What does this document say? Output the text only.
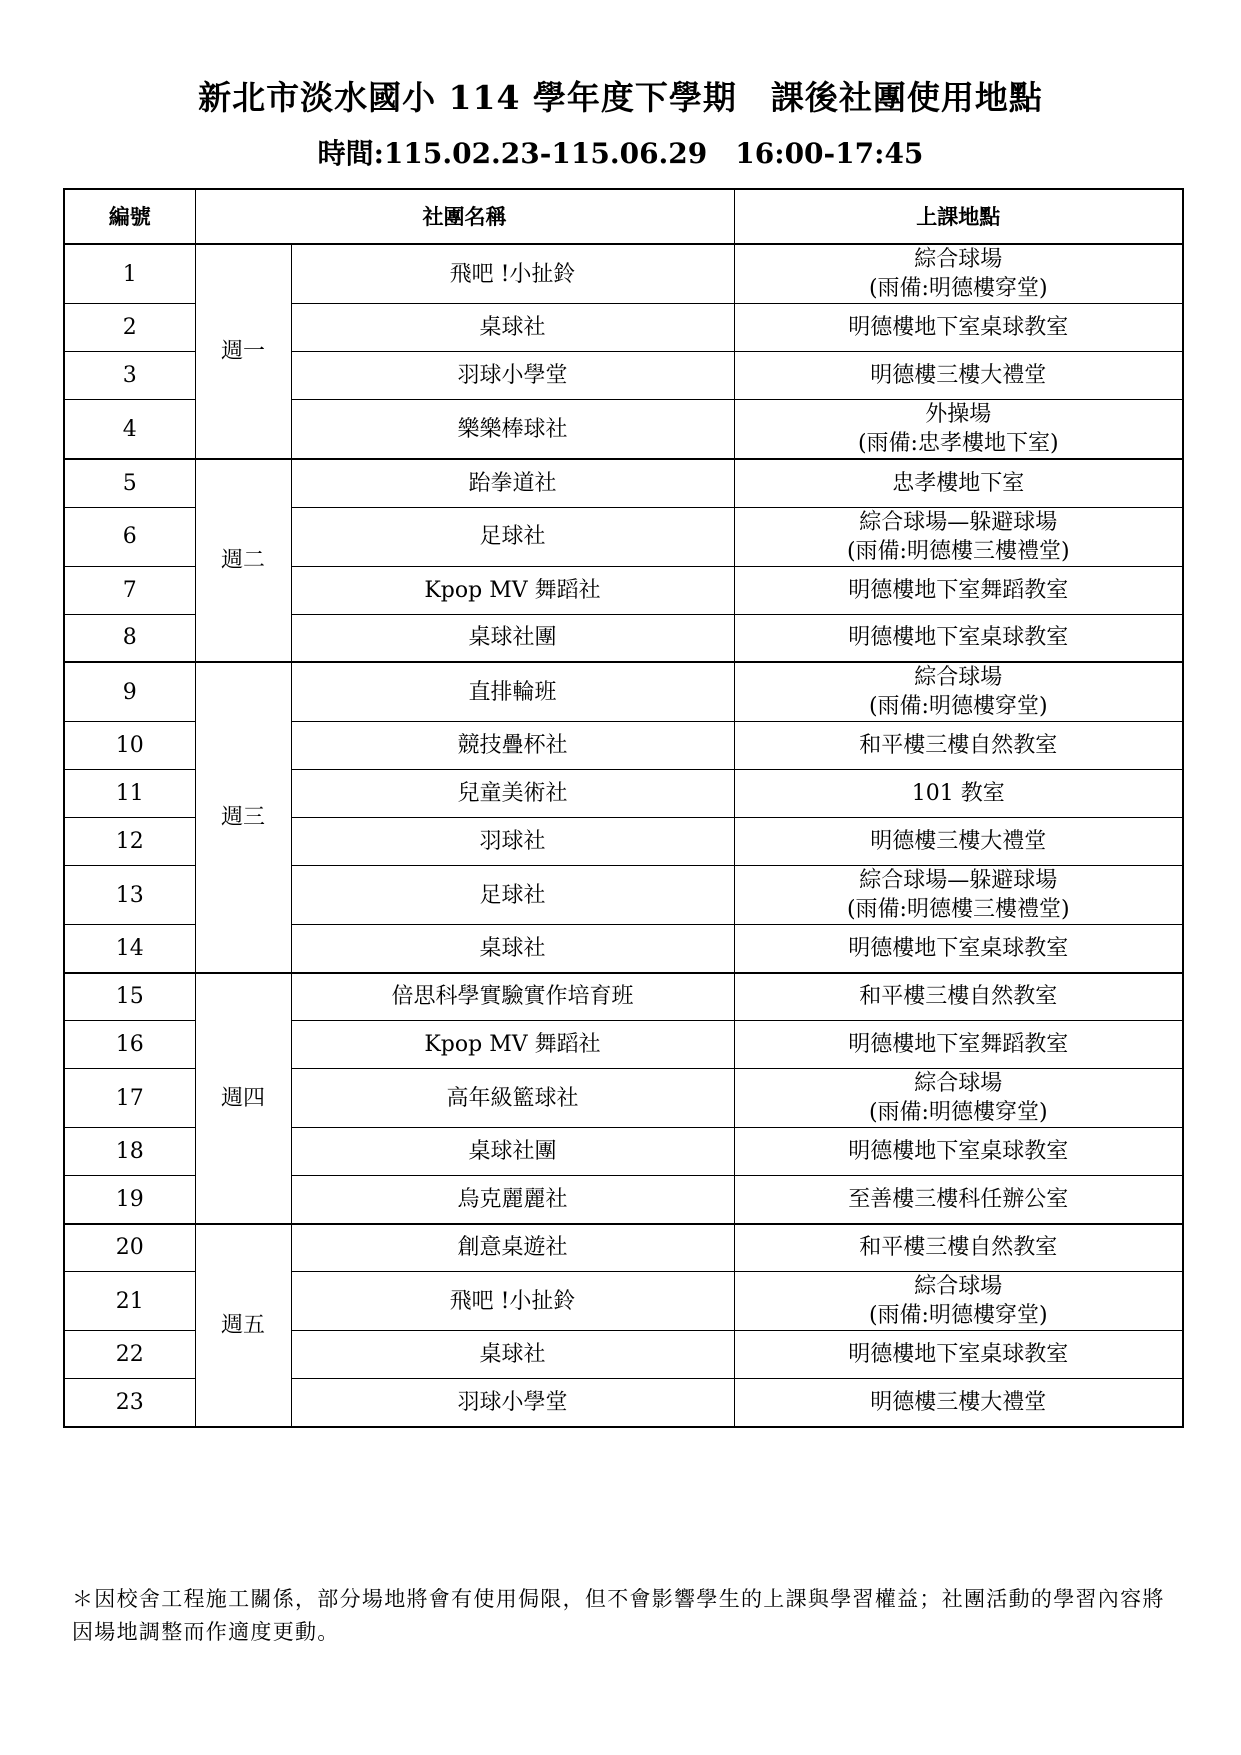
新北市淡水國小 114 學年度下學期　課後社團使用地點
時間:115.02.23-115.06.29　16:00-17:45
編號	社團名稱		上課地點
1	週一	飛吧 !小扯鈴	綜合球場
(雨備:明德樓穿堂)

2		桌球社	明德樓地下室桌球教室

3		羽球小學堂	明德樓三樓大禮堂

4		樂樂棒球社	外操場
(雨備:忠孝樓地下室)

5	週二	跆拳道社	忠孝樓地下室

6		足球社	綜合球場—躲避球場
(雨備:明德樓三樓禮堂)

7		Kpop MV 舞蹈社	明德樓地下室舞蹈教室

8		桌球社團	明德樓地下室桌球教室

9	週三	直排輪班	綜合球場
(雨備:明德樓穿堂)

10		競技疊杯社	和平樓三樓自然教室

11		兒童美術社	101 教室

12		羽球社	明德樓三樓大禮堂

13		足球社	綜合球場—躲避球場
(雨備:明德樓三樓禮堂)

14		桌球社	明德樓地下室桌球教室

15	週四	倍思科學實驗實作培育班	和平樓三樓自然教室

16		Kpop MV 舞蹈社	明德樓地下室舞蹈教室

17		高年級籃球社	綜合球場
(雨備:明德樓穿堂)

18		桌球社團	明德樓地下室桌球教室

19		烏克麗麗社	至善樓三樓科任辦公室

20	週五	創意桌遊社	和平樓三樓自然教室

21		飛吧 !小扯鈴	綜合球場
(雨備:明德樓穿堂)

22		桌球社	明德樓地下室桌球教室

23		羽球小學堂	明德樓三樓大禮堂
＊因校舍工程施工關係，部分場地將會有使用侷限，但不會影響學生的上課與學習權益；社團活動的學習內容將因場地調整而作適度更動。
